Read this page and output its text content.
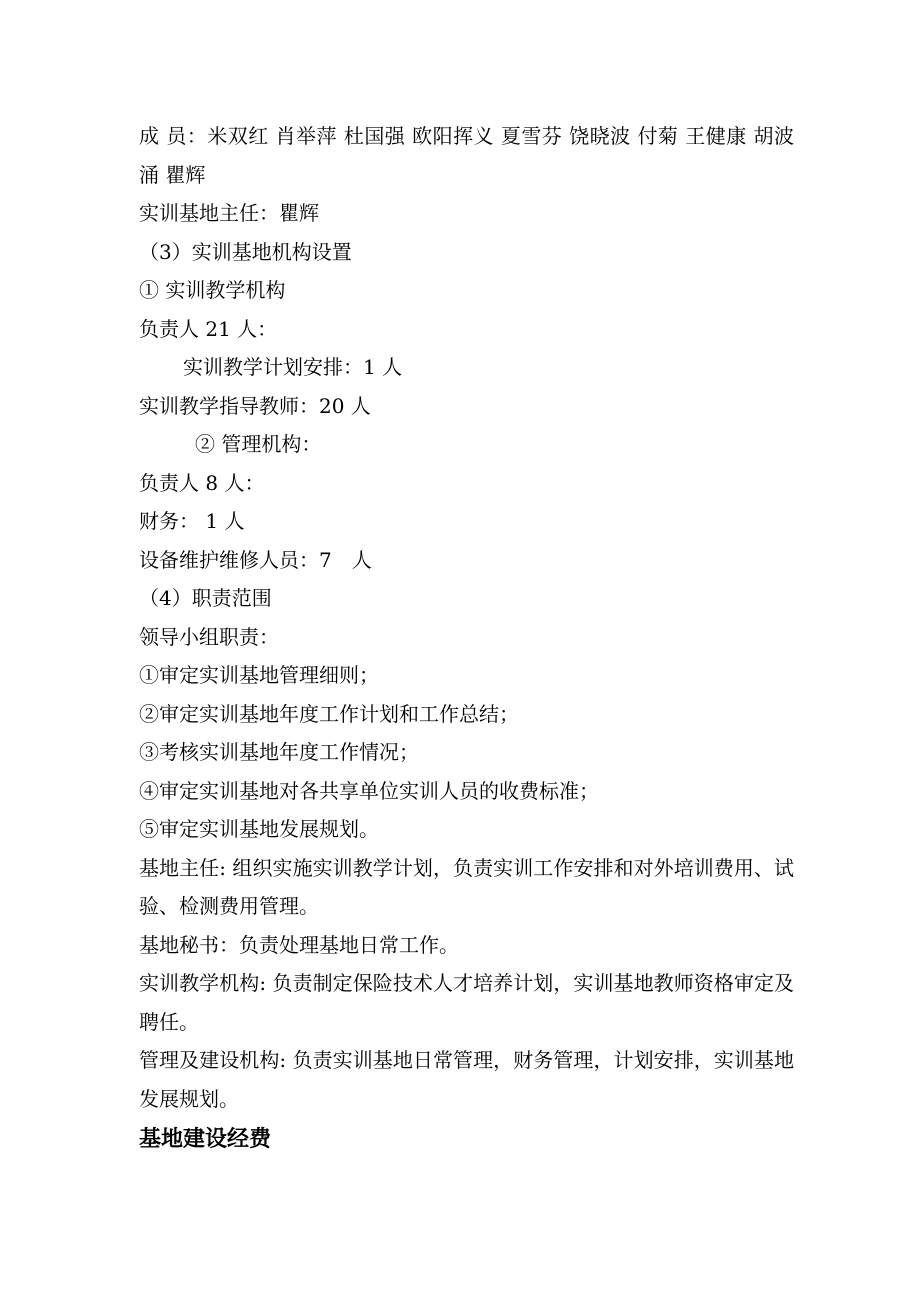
成 员：米双红 肖举萍 杜国强 欧阳挥义 夏雪芬 饶晓波 付菊 王健康 胡波涌 瞿辉

实训基地主任：瞿辉

（3）实训基地机构设置

① 实训教学机构

负责人 21 人：

实训教学计划安排：1 人

实训教学指导教师：20 人

② 管理机构：

负责人 8 人：

财务： 1 人

设备维护维修人员：7　人

（4）职责范围

领导小组职责：

①审定实训基地管理细则；

②审定实训基地年度工作计划和工作总结；

③考核实训基地年度工作情况；

④审定实训基地对各共享单位实训人员的收费标准；

⑤审定实训基地发展规划。

基地主任: 组织实施实训教学计划，负责实训工作安排和对外培训费用、试验、检测费用管理。

基地秘书：负责处理基地日常工作。

实训教学机构: 负责制定保险技术人才培养计划，实训基地教师资格审定及聘任。

管理及建设机构: 负责实训基地日常管理，财务管理，计划安排，实训基地发展规划。

基地建设经费
